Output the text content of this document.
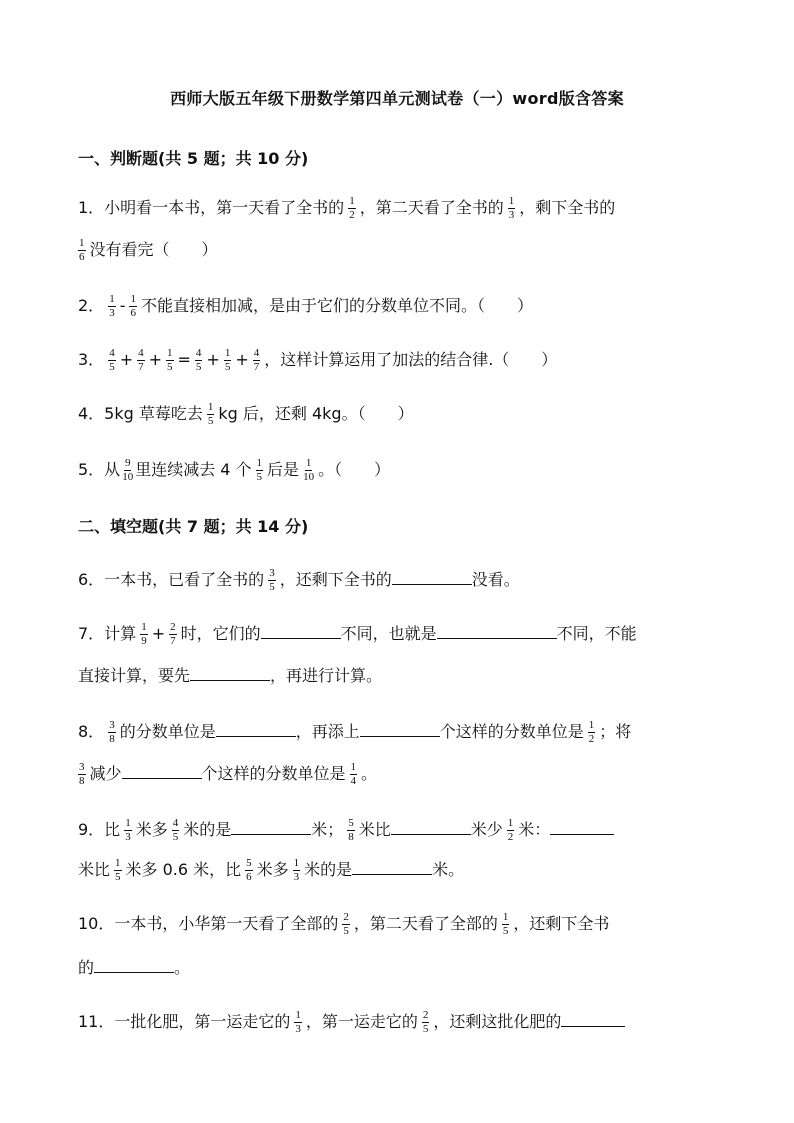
西师大版五年级下册数学第四单元测试卷（一）word版含答案
一、判断题(共 5 题；共 10 分)
1．小明看一本书，第一天看了全书的 $\frac{1}{2}$ ，第二天看了全书的 $\frac{1}{3}$ ，剩下全书的
$\frac{1}{6}$ 没有看完（　　）
2． $\frac{1}{3} - \frac{1}{6}$ 不能直接相加减，是由于它们的分数单位不同。（　　）
3． $\frac{4}{5} + \frac{4}{7} + \frac{1}{5} = \frac{4}{5} + \frac{1}{5} + \frac{4}{7}$ ，这样计算运用了加法的结合律.（　　）
4．5kg 草莓吃去 $\frac{1}{5}$ kg 后，还剩 4kg。（　　）
5．从 $\frac{9}{10}$ 里连续减去 4 个 $\frac{1}{5}$ 后是 $\frac{1}{10}$ 。（　　）
二、填空题(共 7 题；共 14 分)
6．一本书，已看了全书的 $\frac{3}{5}$ ，还剩下全书的	没看。
7．计算 $\frac{1}{9} + \frac{2}{7}$ 时，它们的	不同，也就是	不同，不能
直接计算，要先	，再进行计算。
8． $\frac{3}{8}$ 的分数单位是	，再添上	个这样的分数单位是 $\frac{1}{2}$ ；将
$\frac{3}{8}$ 减少	个这样的分数单位是 $\frac{1}{4}$ 。
9．比 $\frac{1}{3}$ 米多 $\frac{4}{5}$ 米的是	米； $\frac{5}{8}$ 米比	米少 $\frac{1}{2}$ 米：
米比 $\frac{1}{5}$ 米多 0.6 米，比 $\frac{5}{6}$ 米多 $\frac{1}{3}$ 米的是	米。
10．一本书，小华第一天看了全部的 $\frac{2}{5}$ ，第二天看了全部的 $\frac{1}{5}$ ，还剩下全书
的	。
11．一批化肥，第一运走它的 $\frac{1}{3}$ ，第一运走它的 $\frac{2}{5}$ ，还剩这批化肥的
